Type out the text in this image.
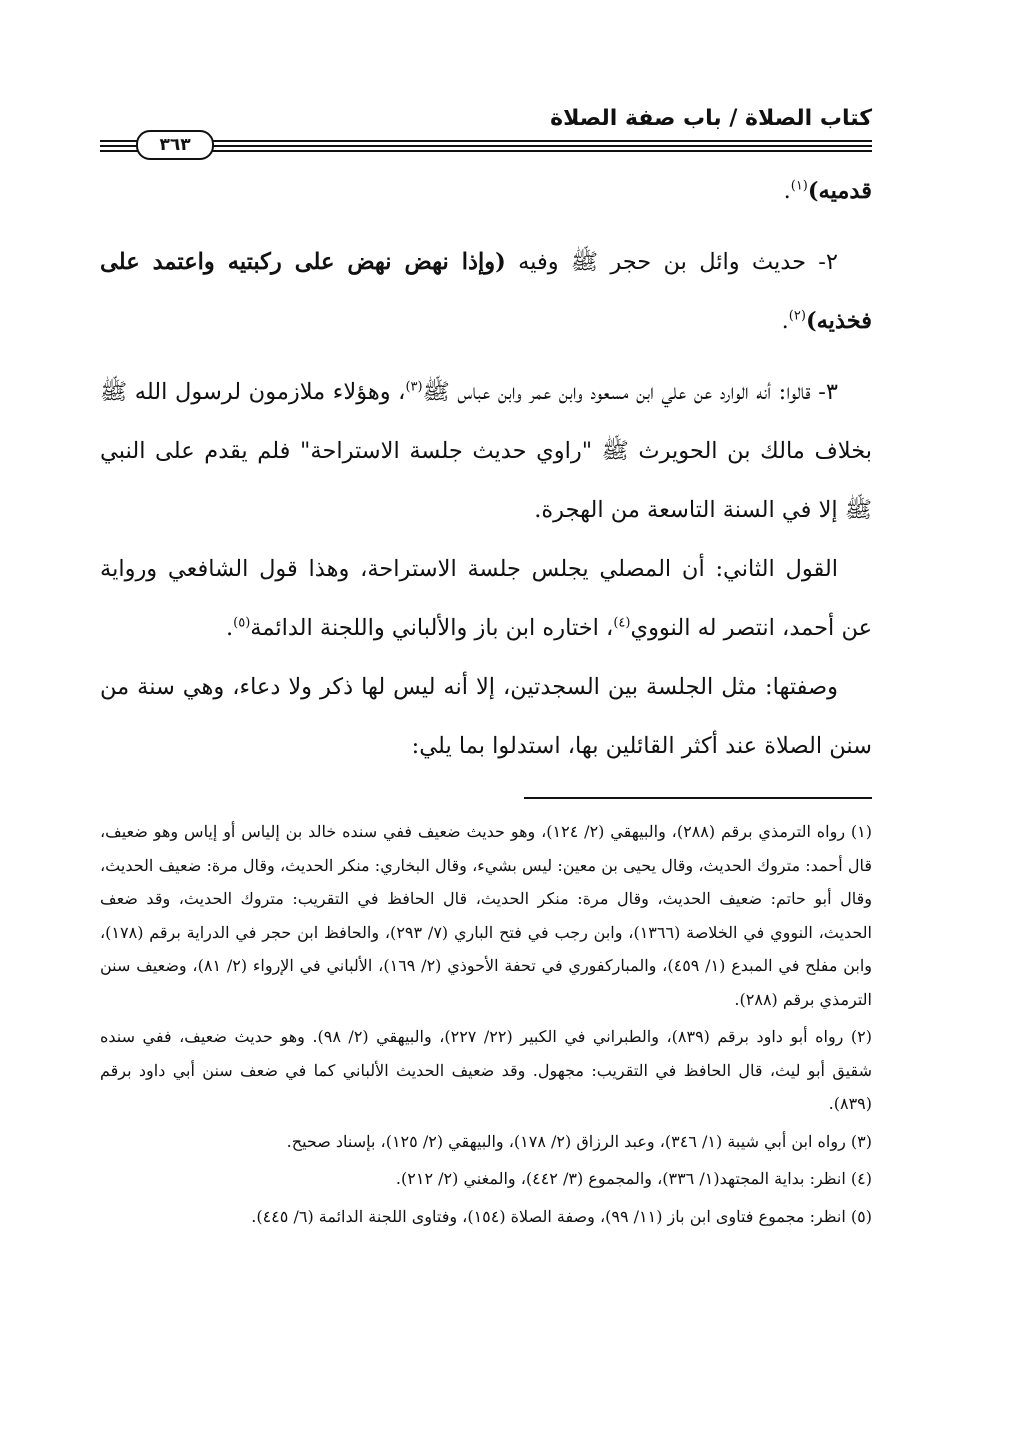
كتاب الصلاة / باب صفة الصلاة
٣٦٣

قدميه)$^{(١)}$.

٢- حديث وائل بن حجر ﷺ وفيه (وإذا نهض نهض على ركبتيه واعتمد على فخذيه)$^{(٢)}$.

٣- قالوا: أنه الوارد عن علي ابن مسعود وابن عمر وابن عباس ﷺ$^{(٣)}$، وهؤلاء ملازمون لرسول الله ﷺ بخلاف مالك بن الحويرث ﷺ "راوي حديث جلسة الاستراحة" فلم يقدم على النبي ﷺ إلا في السنة التاسعة من الهجرة.

القول الثاني: أن المصلي يجلس جلسة الاستراحة، وهذا قول الشافعي ورواية عن أحمد، انتصر له النووي$^{(٤)}$، اختاره ابن باز والألباني واللجنة الدائمة$^{(٥)}$.

وصفتها: مثل الجلسة بين السجدتين، إلا أنه ليس لها ذكر ولا دعاء، وهي سنة من سنن الصلاة عند أكثر القائلين بها، استدلوا بما يلي:

(١) رواه الترمذي برقم (٢٨٨)، والبيهقي (٢/ ١٢٤)، وهو حديث ضعيف ففي سنده خالد بن إلياس أو إياس وهو ضعيف، قال أحمد: متروك الحديث، وقال يحيى بن معين: ليس بشيء، وقال البخاري: منكر الحديث، وقال مرة: ضعيف الحديث، وقال أبو حاتم: ضعيف الحديث، وقال مرة: منكر الحديث، قال الحافظ في التقريب: متروك الحديث، وقد ضعف الحديث، النووي في الخلاصة (١٣٦٦)، وابن رجب في فتح الباري (٧/ ٢٩٣)، والحافظ ابن حجر في الدراية برقم (١٧٨)، وابن مفلح في المبدع (١/ ٤٥٩)، والمباركفوري في تحفة الأحوذي (٢/ ١٦٩)، الألباني في الإرواء (٢/ ٨١)، وضعيف سنن الترمذي برقم (٢٨٨).

(٢) رواه أبو داود برقم (٨٣٩)، والطبراني في الكبير (٢٢/ ٢٢٧)، والبيهقي (٢/ ٩٨). وهو حديث ضعيف، ففي سنده شقيق أبو ليث، قال الحافظ في التقريب: مجهول. وقد ضعيف الحديث الألباني كما في ضعف سنن أبي داود برقم (٨٣٩).

(٣) رواه ابن أبي شيبة (١/ ٣٤٦)، وعبد الرزاق (٢/ ١٧٨)، والبيهقي (٢/ ١٢٥)، بإسناد صحيح.

(٤) انظر: بداية المجتهد(١/ ٣٣٦)، والمجموع (٣/ ٤٤٢)، والمغني (٢/ ٢١٢).

(٥) انظر: مجموع فتاوى ابن باز (١١/ ٩٩)، وصفة الصلاة (١٥٤)، وفتاوى اللجنة الدائمة (٦/ ٤٤٥).
